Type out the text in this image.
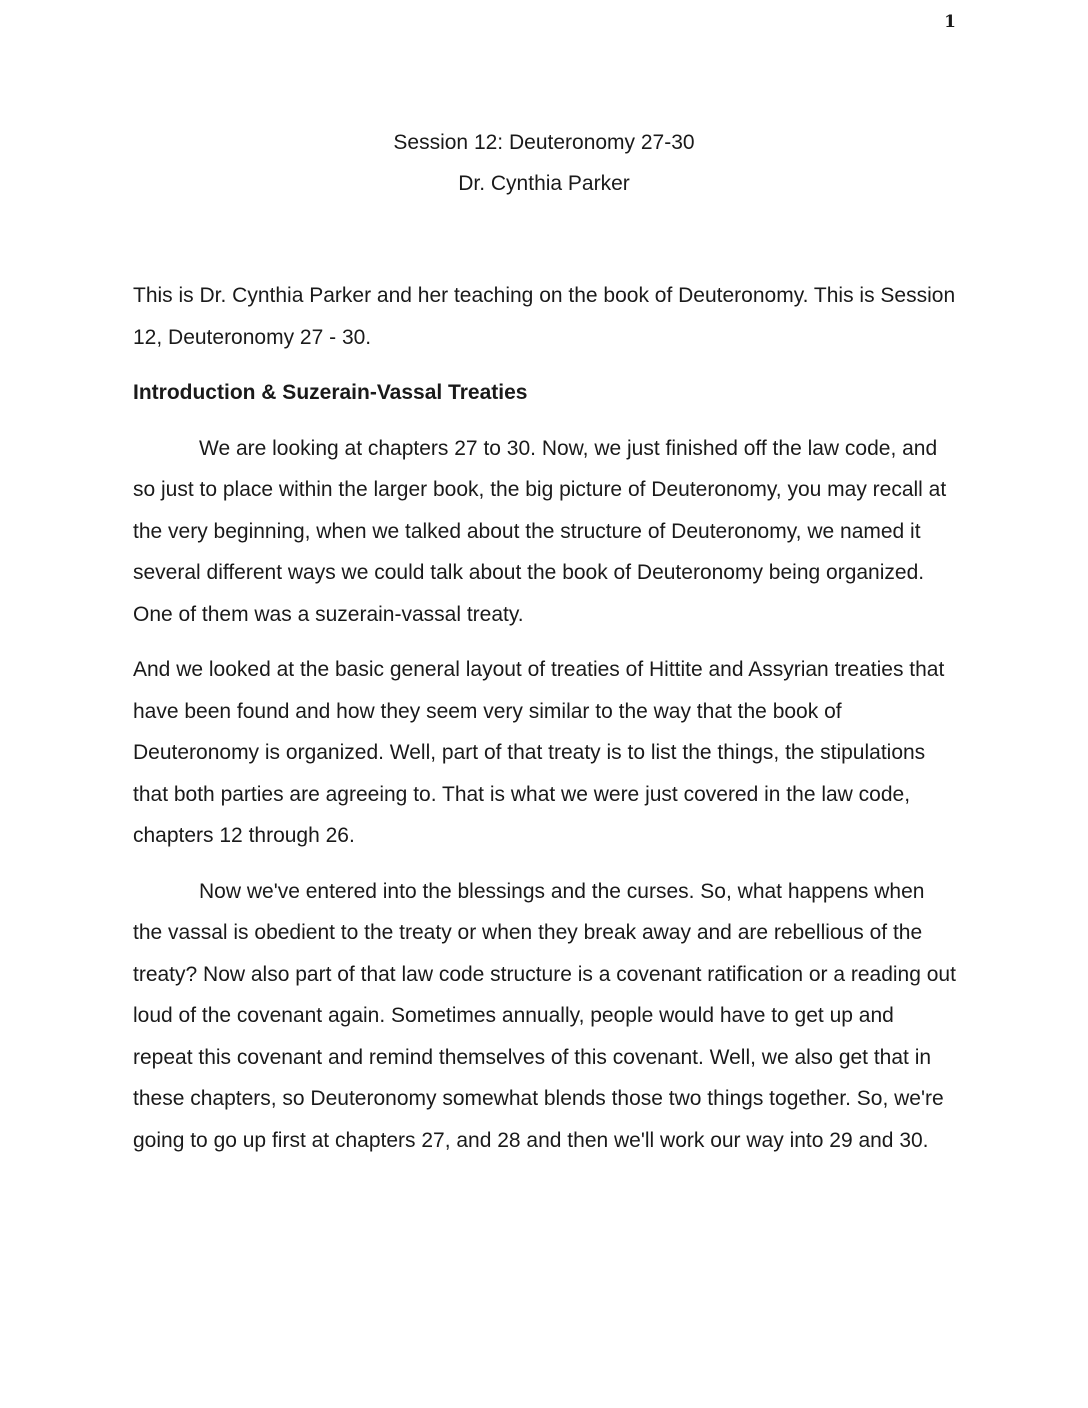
1
Session 12: Deuteronomy 27-30
Dr. Cynthia Parker

This is Dr. Cynthia Parker and her teaching on the book of Deuteronomy. This is Session 12, Deuteronomy 27 - 30.

Introduction & Suzerain-Vassal Treaties

We are looking at chapters 27 to 30. Now, we just finished off the law code, and so just to place within the larger book, the big picture of Deuteronomy, you may recall at the very beginning, when we talked about the structure of Deuteronomy, we named it several different ways we could talk about the book of Deuteronomy being organized. One of them was a suzerain-vassal treaty.

And we looked at the basic general layout of treaties of Hittite and Assyrian treaties that have been found and how they seem very similar to the way that the book of Deuteronomy is organized. Well, part of that treaty is to list the things, the stipulations that both parties are agreeing to. That is what we were just covered in the law code, chapters 12 through 26.

Now we've entered into the blessings and the curses. So, what happens when the vassal is obedient to the treaty or when they break away and are rebellious of the treaty? Now also part of that law code structure is a covenant ratification or a reading out loud of the covenant again. Sometimes annually, people would have to get up and repeat this covenant and remind themselves of this covenant. Well, we also get that in these chapters, so Deuteronomy somewhat blends those two things together. So, we're going to go up first at chapters 27, and 28 and then we'll work our way into 29 and 30.
